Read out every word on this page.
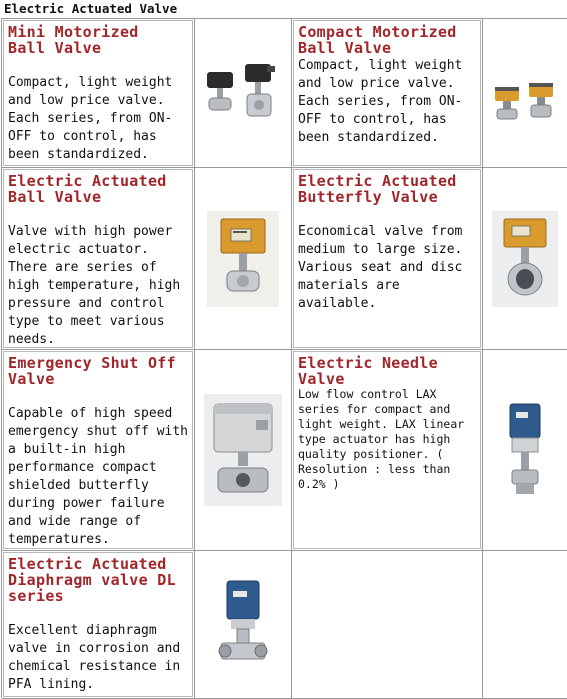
Electric Actuated Valve
Mini Motorized Ball Valve
Compact, light weight and low price valve. Each series, from ON-OFF to control, has been standardized.
Compact Motorized Ball Valve
Compact, light weight and low price valve. Each series, from ON-OFF to control, has been standardized.
Electric Actuated Ball Valve
Valve with high power electric actuator. There are series of high temperature, high pressure and control type to meet various needs.
Electric Actuated Butterfly Valve
Economical valve from medium to large size. Various seat and disc materials are available.
Emergency Shut Off Valve
Capable of high speed emergency shut off with a built-in high performance compact shielded butterfly during power failure and wide range of temperatures.
Electric Needle Valve
Low flow control LAX series for compact and light weight. LAX linear type actuator has high quality positioner. ( Resolution : less than 0.2% )
Electric Actuated Diaphragm valve DL series
Excellent diaphragm valve in corrosion and chemical resistance in PFA lining.
